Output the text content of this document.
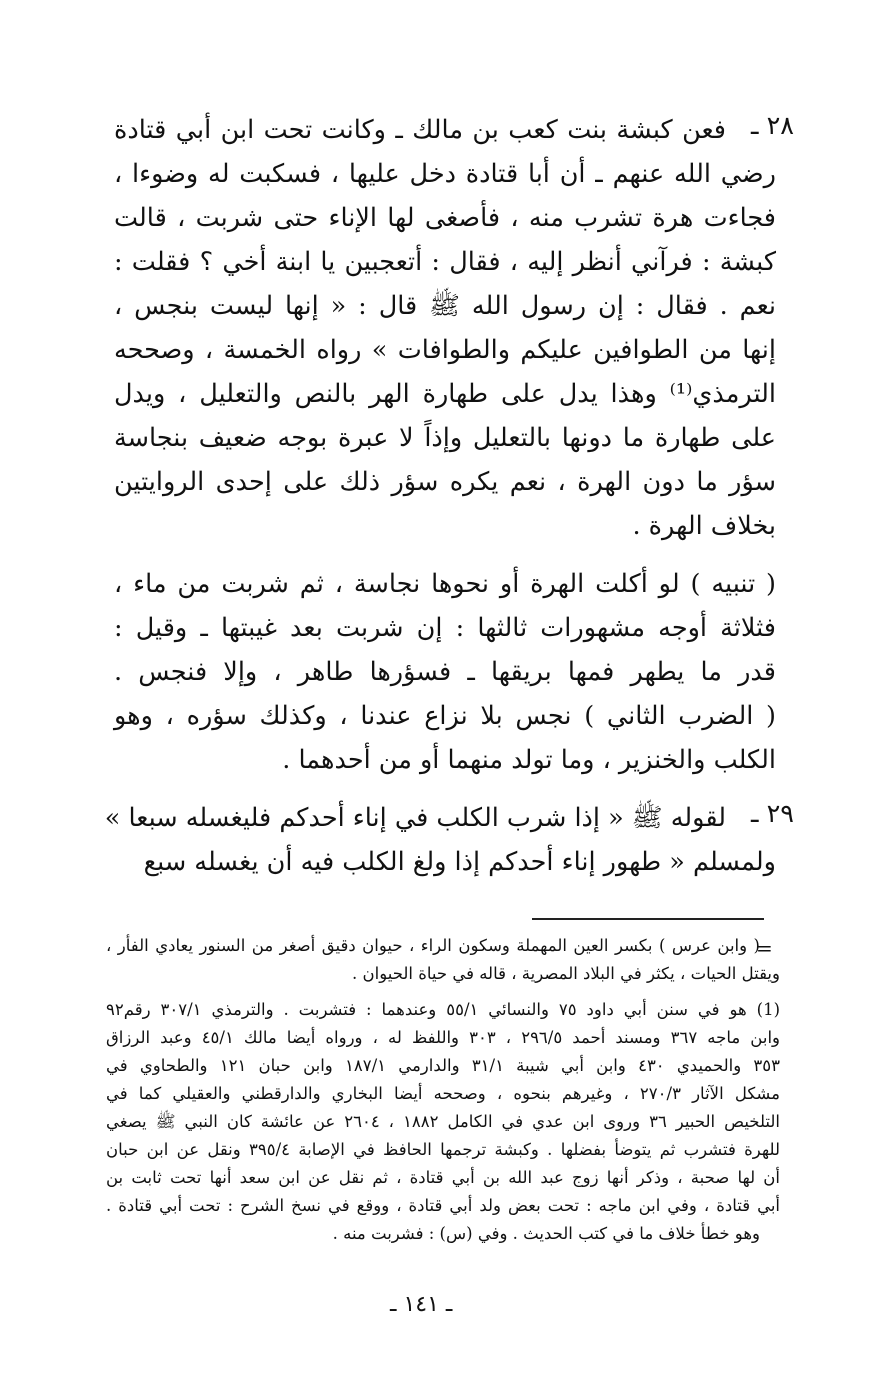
٢٨ ـ
فعن كبشة بنت كعب بن مالك ـ وكانت تحت ابن أبي قتادة
رضي الله عنهم ـ أن أبا قتادة دخل عليها ، فسكبت له وضوءا ،
فجاءت هرة تشرب منه ، فأصغى لها الإناء حتى شربت ، قالت
كبشة : فرآني أنظر إليه ، فقال : أتعجبين يا ابنة أخي ؟ فقلت :
نعم . فقال : إن رسول الله ﷺ قال : « إنها ليست بنجس ،
إنها من الطوافين عليكم والطوافات » رواه الخمسة ، وصححه
الترمذي⁽¹⁾ وهذا يدل على طهارة الهر بالنص والتعليل ، ويدل
على طهارة ما دونها بالتعليل وإذاً لا عبرة بوجه ضعيف بنجاسة
سؤر ما دون الهرة ، نعم يكره سؤر ذلك على إحدى الروايتين
بخلاف الهرة .
( تنبيه ) لو أكلت الهرة أو نحوها نجاسة ، ثم شربت من ماء ،
فثلاثة أوجه مشهورات ثالثها : إن شربت بعد غيبتها ـ وقيل :
قدر ما يطهر فمها بريقها ـ فسؤرها طاهر ، وإلا فنجس .
( الضرب الثاني ) نجس بلا نزاع عندنا ، وكذلك سؤره ، وهو
الكلب والخنزير ، وما تولد منهما أو من أحدهما .
٢٩ ـ
لقوله ﷺ « إذا شرب الكلب في إناء أحدكم فليغسله سبعا »
ولمسلم « طهور إناء أحدكم إذا ولغ الكلب فيه أن يغسله سبع
=
( وابن عرس ) بكسر العين المهملة وسكون الراء ، حيوان دقيق أصغر من السنور يعادي الفأر ،
ويقتل الحيات ، يكثر في البلاد المصرية ، قاله في حياة الحيوان .
(1) هو في سنن أبي داود ٧٥ والنسائي ٥٥/١ وعندهما : فتشربت . والترمذي ٣٠٧/١ رقم٩٢
وابن ماجه ٣٦٧ ومسند أحمد ٢٩٦/٥ ، ٣٠٣ واللفظ له ، ورواه أيضا مالك ٤٥/١ وعبد الرزاق
٣٥٣ والحميدي ٤٣٠ وابن أبي شيبة ٣١/١ والدارمي ١٨٧/١ وابن حبان ١٢١ والطحاوي في
مشكل الآثار ٢٧٠/٣ ، وغيرهم بنحوه ، وصححه أيضا البخاري والدارقطني والعقيلي كما في
التلخيص الحبير ٣٦ وروى ابن عدي في الكامل ١٨٨٢ ، ٢٦٠٤ عن عائشة كان النبي ﷺ يصغي
للهرة فتشرب ثم يتوضأ بفضلها . وكبشة ترجمها الحافظ في الإصابة ٣٩٥/٤ ونقل عن ابن حبان
أن لها صحبة ، وذكر أنها زوج عبد الله بن أبي قتادة ، ثم نقل عن ابن سعد أنها تحت ثابت بن
أبي قتادة ، وفي ابن ماجه : تحت بعض ولد أبي قتادة ، ووقع في نسخ الشرح : تحت أبي قتادة .
وهو خطأ خلاف ما في كتب الحديث . وفي (س) : فشربت منه .
ـ ١٤١ ـ
